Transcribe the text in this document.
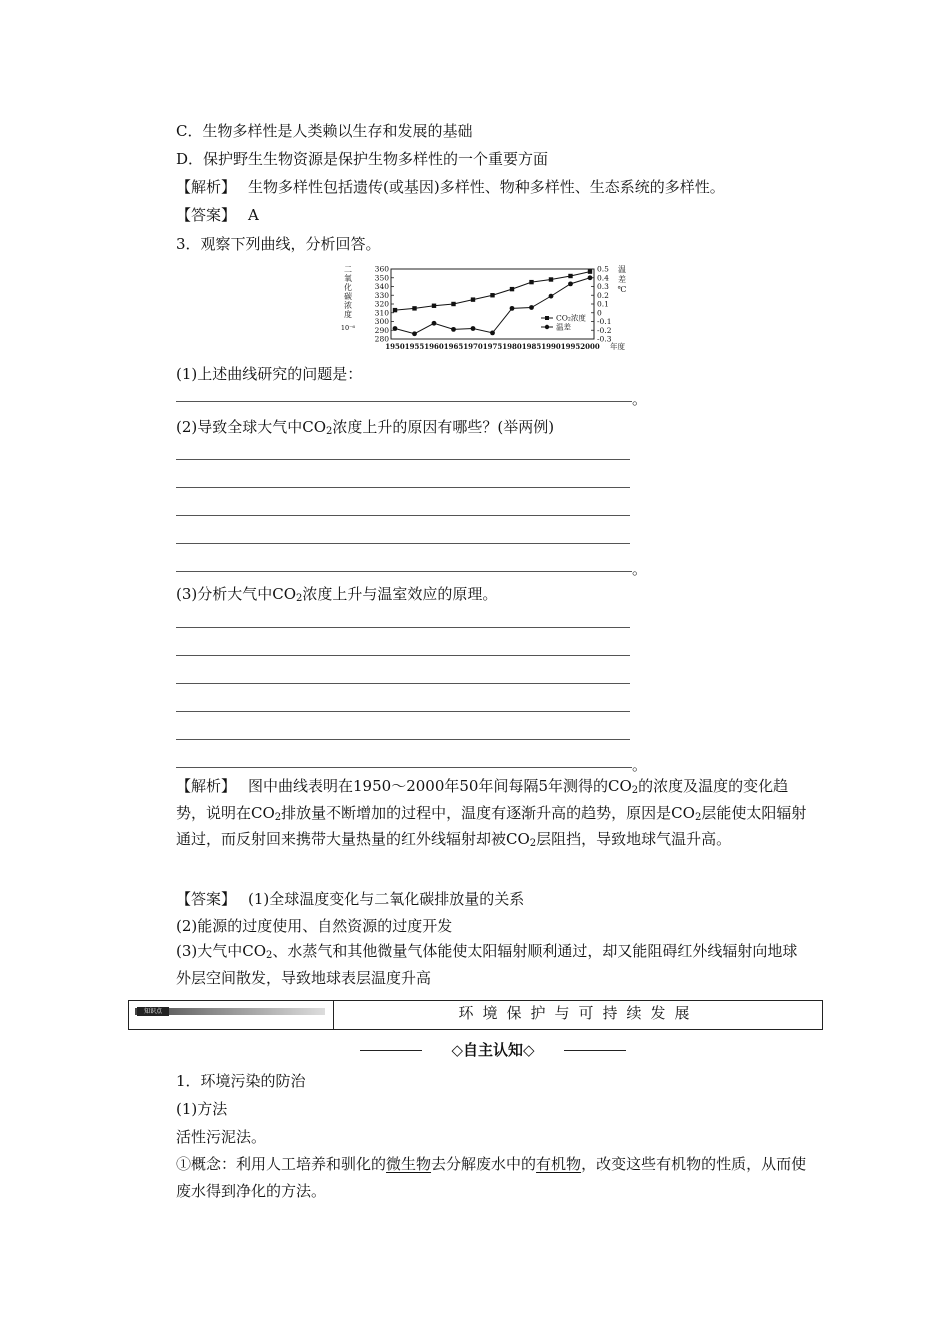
C．生物多样性是人类赖以生存和发展的基础
D．保护野生生物资源是保护生物多样性的一个重要方面
【解析】 生物多样性包括遗传(或基因)多样性、物种多样性、生态系统的多样性。
【答案】 A
3．观察下列曲线，分析回答。
360
350
340
330
320
310
300
290
280
0.5
0.4
0.3
0.2
0.1
0
-0.1
-0.2
-0.3
1950 1955 1960 1965 1970 1975 1980 1985 1990 1995 2000 年度
二
氧
化
碳
浓
度
10⁻⁶
温
差
℃
CO₂浓度
温差
(1)上述曲线研究的问题是：
。
(2)导致全球大气中$CO_2$浓度上升的原因有哪些？(举两例)
。
(3)分析大气中$CO_2$浓度上升与温室效应的原理。
。
【解析】 图中曲线表明在1950～2000年50年间每隔5年测得的$CO_2$的浓度及温度的变化趋势，说明在$CO_2$排放量不断增加的过程中，温度有逐渐升高的趋势，原因是$CO_2$层能使太阳辐射通过，而反射回来携带大量热量的红外线辐射却被$CO_2$层阻挡，导致地球气温升高。
【答案】 (1)全球温度变化与二氧化碳排放量的关系
(2)能源的过度使用、自然资源的过度开发
(3)大气中$CO_2$、水蒸气和其他微量气体能使太阳辐射顺利通过，却又能阻碍红外线辐射向地球外层空间散发，导致地球表层温度升高
知识点	环境保护与可持续发展
◇自主认知◇
1．环境污染的防治
(1)方法
活性污泥法。
①概念：利用人工培养和驯化的微生物去分解废水中的有机物，改变这些有机物的性质，从而使废水得到净化的方法。
